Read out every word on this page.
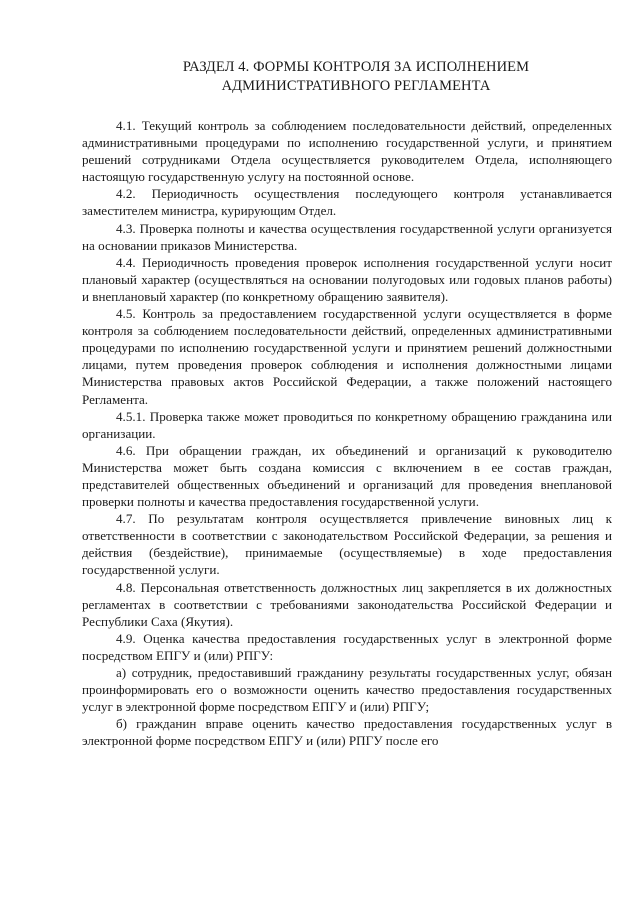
РАЗДЕЛ 4. ФОРМЫ КОНТРОЛЯ ЗА ИСПОЛНЕНИЕМ
АДМИНИСТРАТИВНОГО РЕГЛАМЕНТА

4.1. Текущий контроль за соблюдением последовательности действий, определенных административными процедурами по исполнению государственной услуги, и принятием решений сотрудниками Отдела осуществляется руководителем Отдела, исполняющего настоящую государственную услугу на постоянной основе.

4.2. Периодичность осуществления последующего контроля устанавливается заместителем министра, курирующим Отдел.

4.3. Проверка полноты и качества осуществления государственной услуги организуется на основании приказов Министерства.

4.4. Периодичность проведения проверок исполнения государственной услуги носит плановый характер (осуществляться на основании полугодовых или годовых планов работы) и внеплановый характер (по конкретному обращению заявителя).

4.5. Контроль за предоставлением государственной услуги осуществляется в форме контроля за соблюдением последовательности действий, определенных административными процедурами по исполнению государственной услуги и принятием решений должностными лицами, путем проведения проверок соблюдения и исполнения должностными лицами Министерства правовых актов Российской Федерации, а также положений настоящего Регламента.

4.5.1. Проверка также может проводиться по конкретному обращению гражданина или организации.

4.6. При обращении граждан, их объединений и организаций к руководителю Министерства может быть создана комиссия с включением в ее состав граждан, представителей общественных объединений и организаций для проведения внеплановой проверки полноты и качества предоставления государственной услуги.

4.7. По результатам контроля осуществляется привлечение виновных лиц к ответственности в соответствии с законодательством Российской Федерации, за решения и действия (бездействие), принимаемые (осуществляемые) в ходе предоставления государственной услуги.

4.8. Персональная ответственность должностных лиц закрепляется в их должностных регламентах в соответствии с требованиями законодательства Российской Федерации и Республики Саха (Якутия).

4.9. Оценка качества предоставления государственных услуг в электронной форме посредством ЕПГУ и (или) РПГУ:

а) сотрудник, предоставивший гражданину результаты государственных услуг, обязан проинформировать его о возможности оценить качество предоставления государственных услуг в электронной форме посредством ЕПГУ и (или) РПГУ;

б) гражданин вправе оценить качество предоставления государственных услуг в электронной форме посредством ЕПГУ и (или) РПГУ после его
